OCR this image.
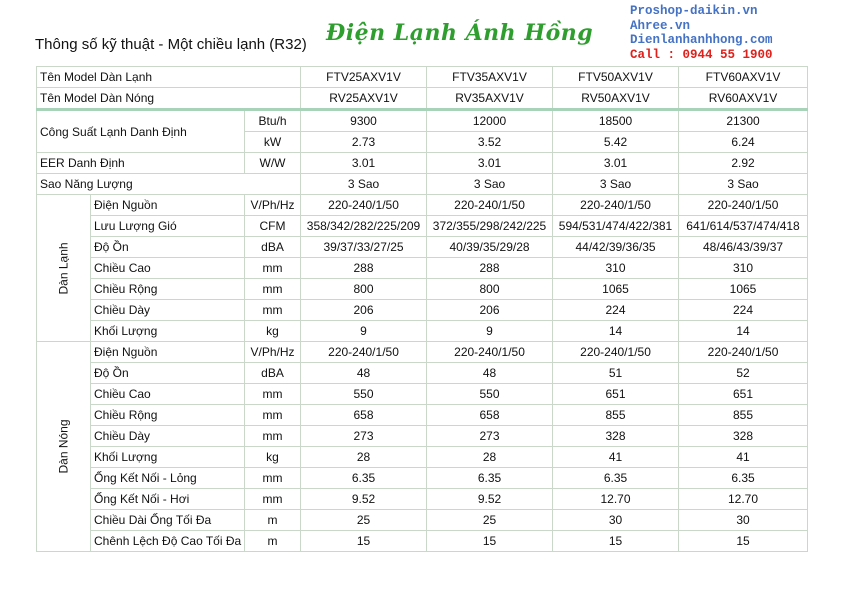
Thông số kỹ thuật - Một chiều lạnh (R32) Điện Lạnh Ánh Hồng
Proshop-daikin.vn
Ahree.vn
Dienlanhanhhong.com
Call : 0944 55 1900
Tên Model Dàn Lạnh			FTV25AXV1V	FTV35AXV1V	FTV50AXV1V	FTV60AXV1V
Tên Model Dàn Nóng			RV25AXV1V	RV35AXV1V	RV50AXV1V	RV60AXV1V
Công Suất Lạnh Danh Định		Btu/h	9300	12000	18500	21300
		kW	2.73	3.52	5.42	6.24
EER Danh Định		W/W	3.01	3.01	3.01	2.92
Sao Năng Lượng			3 Sao	3 Sao	3 Sao	3 Sao

Dàn Lạnh	Điện Nguồn	V/Ph/Hz	220-240/1/50	220-240/1/50	220-240/1/50	220-240/1/50
	Lưu Lượng Gió	CFM	358/342/282/225/209	372/355/298/242/225	594/531/474/422/381	641/614/537/474/418
	Độ Ồn	dBA	39/37/33/27/25	40/39/35/29/28	44/42/39/36/35	48/46/43/39/37
	Chiều Cao	mm	288	288	310	310
	Chiều Rộng	mm	800	800	1065	1065
	Chiều Dày	mm	206	206	224	224
	Khối Lượng	kg	9	9	14	14

Dàn Nóng	Điện Nguồn	V/Ph/Hz	220-240/1/50	220-240/1/50	220-240/1/50	220-240/1/50
	Độ Ồn	dBA	48	48	51	52
	Chiều Cao	mm	550	550	651	651
	Chiều Rộng	mm	658	658	855	855
	Chiều Dày	mm	273	273	328	328
	Khối Lượng	kg	28	28	41	41
	Ống Kết Nối - Lỏng	mm	6.35	6.35	6.35	6.35
	Ống Kết Nối - Hơi	mm	9.52	9.52	12.70	12.70
	Chiều Dài Ống Tối Đa	m	25	25	30	30
	Chênh Lệch Độ Cao Tối Đa	m	15	15	15	15
